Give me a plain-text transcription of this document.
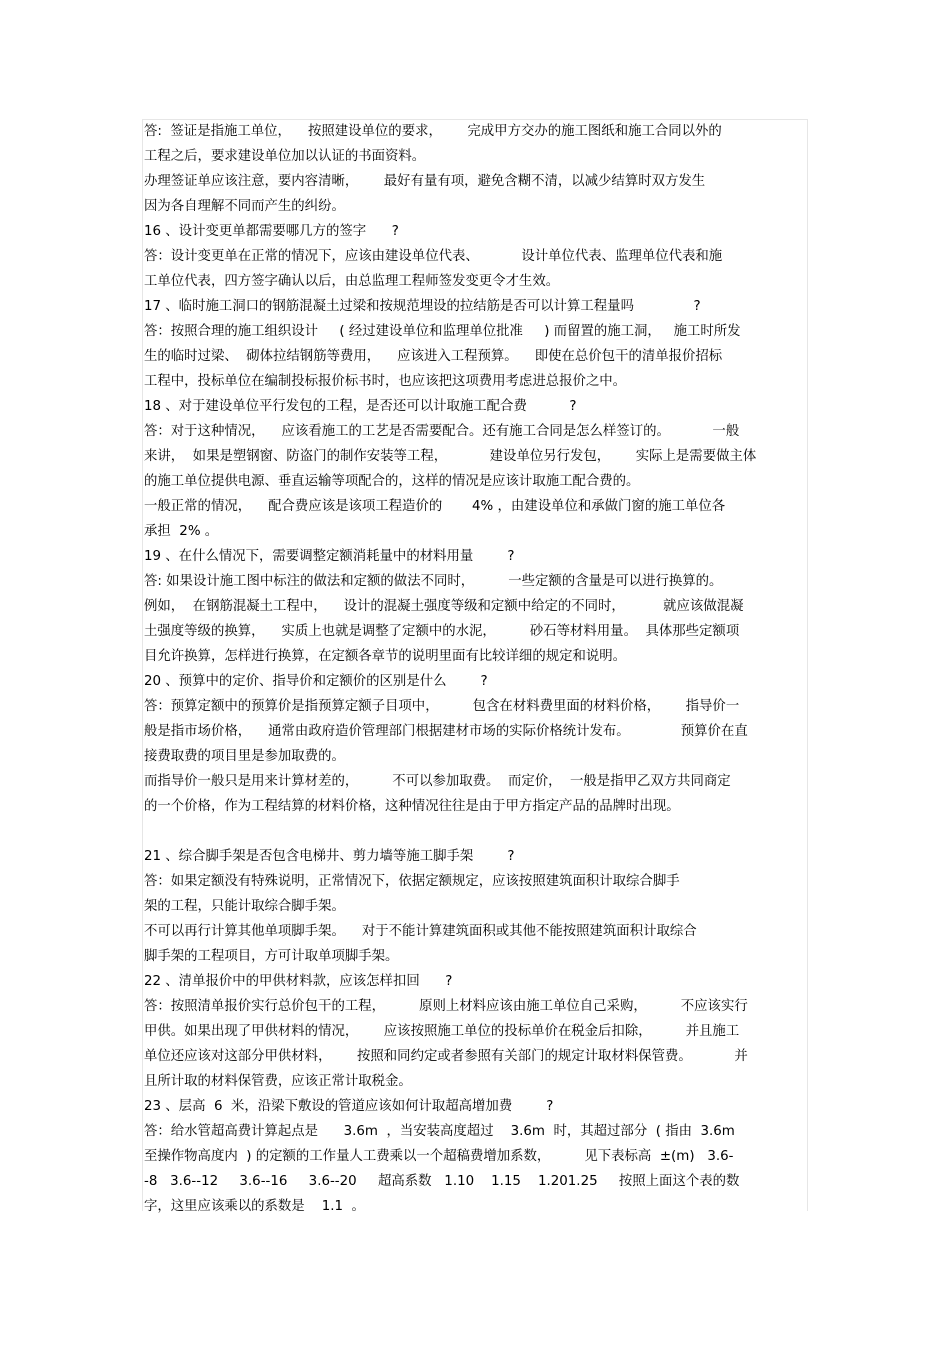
答:  签证是指施工单位，    按照建设单位的要求，      完成甲方交办的施工图纸和施工合同以外的
工程之后，要求建设单位加以认证的书面资料。
办理签证单应该注意，要内容清晰，      最好有量有项，避免含糊不清，以减少结算时双方发生
因为各自理解不同而产生的纠纷。
16 、设计变更单都需要哪几方的签字      ?
答：设计变更单在正常的情况下，应该由建设单位代表、          设计单位代表、监理单位代表和施
工单位代表，四方签字确认以后，由总监理工程师签发变更令才生效。
17 、临时施工洞口的钢筋混凝土过梁和按规范埋设的拉结筋是否可以计算工程量吗              ?
答：按照合理的施工组织设计     ( 经过建设单位和监理单位批准     ) 而留置的施工洞，   施工时所发
生的临时过梁、  砌体拉结钢筋等费用，    应该进入工程预算。    即使在总价包干的清单报价招标
工程中，投标单位在编制投标报价标书时，也应该把这项费用考虑进总报价之中。
18 、对于建设单位平行发包的工程，是否还可以计取施工配合费          ?
答：对于这种情况，    应该看施工的工艺是否需要配合。还有施工合同是怎么样签订的。          一般
来讲，  如果是塑钢窗、防盗门的制作安装等工程，          建设单位另行发包，      实际上是需要做主体
的施工单位提供电源、垂直运输等项配合的，这样的情况是应该计取施工配合费的。
一般正常的情况，    配合费应该是该项工程造价的       4% ，由建设单位和承做门窗的施工单位各
承担  2% 。
19 、在什么情况下，需要调整定额消耗量中的材料用量        ?
答: 如果设计施工图中标注的做法和定额的做法不同时，        一些定额的含量是可以进行换算的。
例如，  在钢筋混凝土工程中，    设计的混凝土强度等级和定额中给定的不同时，         就应该做混凝
土强度等级的换算，    实质上也就是调整了定额中的水泥，        砂石等材料用量。  具体那些定额项
目允许换算，怎样进行换算，在定额各章节的说明里面有比较详细的规定和说明。
20 、预算中的定价、指导价和定额价的区别是什么        ?
答：预算定额中的预算价是指预算定额子目项中，        包含在材料费里面的材料价格，      指导价一
般是指市场价格，    通常由政府造价管理部门根据建材市场的实际价格统计发布。            预算价在直
接费取费的项目里是参加取费的。
而指导价一般只是用来计算材差的，        不可以参加取费。  而定价，  一般是指甲乙双方共同商定
的一个价格，作为工程结算的材料价格，这种情况往往是由于甲方指定产品的品牌时出现。
21 、综合脚手架是否包含电梯井、剪力墙等施工脚手架        ?
答：如果定额没有特殊说明，正常情况下，依据定额规定，应该按照建筑面积计取综合脚手
架的工程，只能计取综合脚手架。
不可以再行计算其他单项脚手架。    对于不能计算建筑面积或其他不能按照建筑面积计取综合
脚手架的工程项目，方可计取单项脚手架。
22 、清单报价中的甲供材料款，应该怎样扣回      ?
答：按照清单报价实行总价包干的工程，        原则上材料应该由施工单位自己采购，        不应该实行
甲供。如果出现了甲供材料的情况，      应该按照施工单位的投标单价在税金后扣除，        并且施工
单位还应该对这部分甲供材料，      按照和同约定或者参照有关部门的规定计取材料保管费。          并
且所计取的材料保管费，应该正常计取税金。
23 、层高  6  米，沿梁下敷设的管道应该如何计取超高增加费        ?
答：给水管超高费计算起点是      3.6m  ，当安装高度超过    3.6m  时，其超过部分  ( 指由  3.6m
至操作物高度内  ) 的定额的工作量人工费乘以一个超稿费增加系数，        见下表标高  ±(m)   3.6-
-8   3.6--12     3.6--16     3.6--20     超高系数   1.10    1.15    1.201.25     按照上面这个表的数
字，这里应该乘以的系数是    1.1  。
